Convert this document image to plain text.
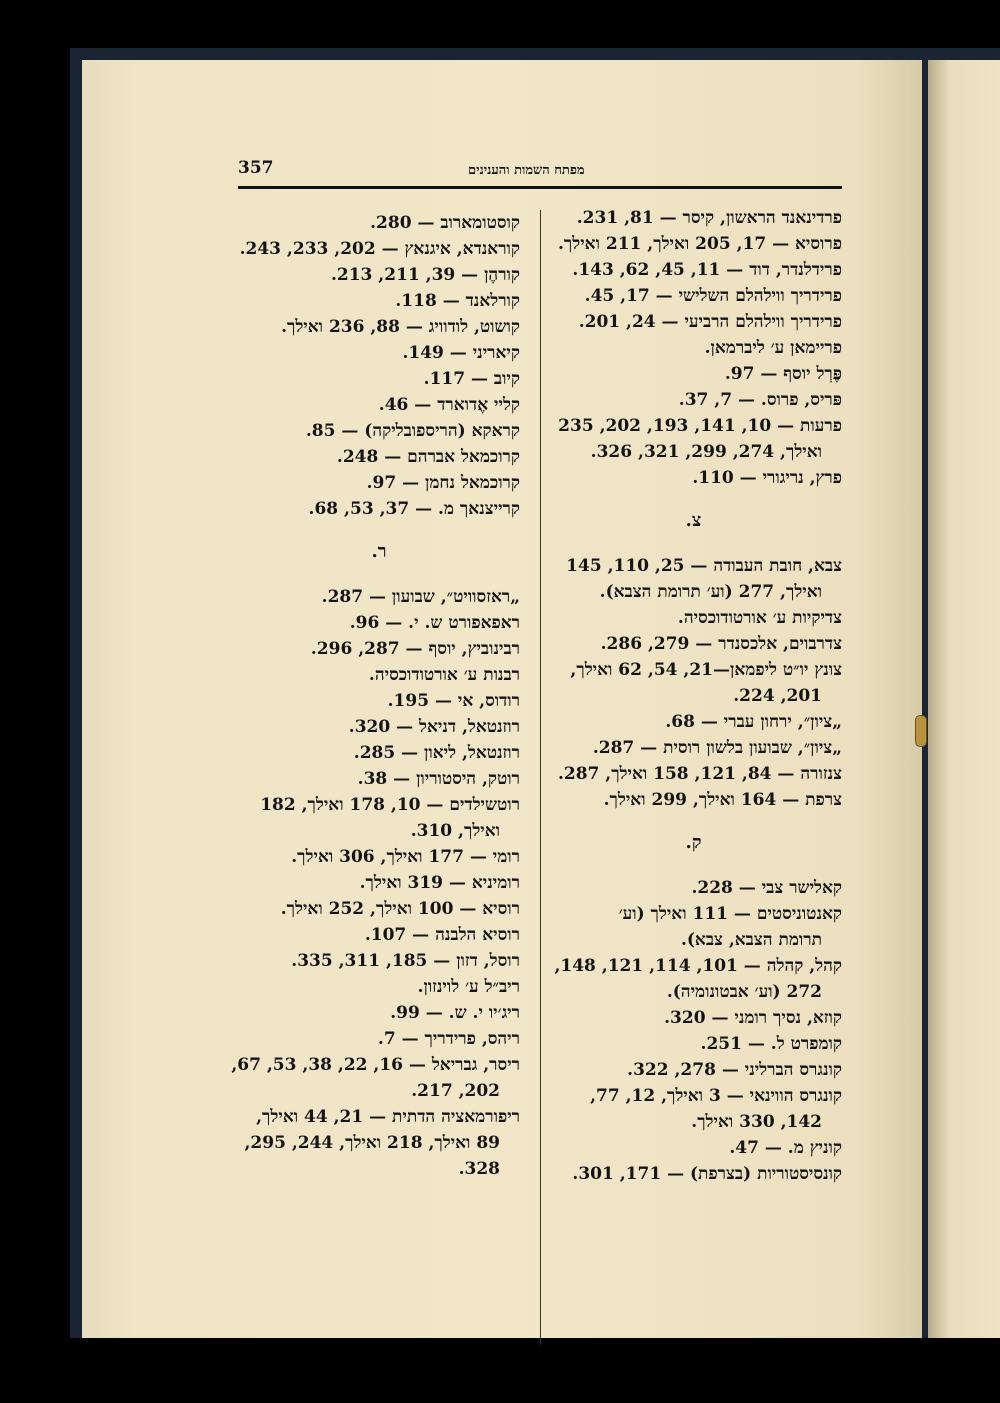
357	מפתח השמות והענינים
פרדינאנד הראשון, קיסר — 81, 231.
פרוסיא — 17, 205 ואילך, 211 ואילך.
פרידלנדר, דוד — 11, 45, 62, 143.
פרידריך ווילהלם השלישי — 17, 45.
פרידריך ווילהלם הרביעי — 24, 201.
פריימאן ע׳ ליברמאן.
פֶּרְל יוסף — 97.
פּריס, פרוס. — 7, 37.
פרעות — 10, 141, 193, 202, 235
ואילך, 274, 299, 321, 326.
פרץ, נריגורי — 110.
צ.
צבא, חובת העבודה — 25, 110, 145
ואילך, 277 (וע׳ תרומת הצבא).
צדיקיות ע׳ אורטודוכסיה.
צדרבוים, אלכסנדר — 279, 286.
צונץ יו״ט ליפמאן—21, 54, 62 ואילך,
201, 224.
„ציון״, ירחון עברי — 68.
„ציון״, שבועון בלשון רוסית — 287.
צנזורה — 84, 121, 158 ואילך, 287.
צרפת — 164 ואילך, 299 ואילך.
ק.
קאלישר צבי — 228.
קאנטוניסטים — 111 ואילך (וע׳
תרומת הצבא, צבא).
קהל, קהלה — 101, 114, 121, 148,
272 (וע׳ אבטונומיה).
קוזא, נסיך רומני — 320.
קומפרט ל. — 251.
קונגרס הברליני — 278, 322.
קונגרס הווינאי — 3 ואילך, 12, 77,
142, 330 ואילך.
קוניץ מ. — 47.
קונסיסטוריות (בצרפת) — 171, 301.
קוסטומארוב — 280.
קוראנדא, איגנאץ — 202, 233, 243.
קורהֶן — 39, 211, 213.
קורלאנד — 118.
קושוט, לודוויג — 88, 236 ואילך.
קיאריני — 149.
קיוב — 117.
קליי אֶדוארד — 46.
קראקא (הריספובליקה) — 85.
קרוכמאל אברהם — 248.
קרוכמאל נחמן — 97.
קרייצנאך מ. — 37, 53, 68.
ר.
„ראזסוויט״, שבועון — 287.
ראפאפורט ש. י. — 96.
רבינוביץ, יוסף — 287, 296.
רבנות ע׳ אורטודוכסיה.
רודוס, אי — 195.
רוזנטאל, דניאל — 320.
רוזנטאל, ליאון — 285.
רוטק, היסטוריון — 38.
רוטשילדים — 10, 178 ואילך, 182
ואילך, 310.
רומי — 177 ואילך, 306 ואילך.
רומיניא — 319 ואילך.
רוסיא — 100 ואילך, 252 ואילך.
רוסיא הלבנה — 107.
רוסל, דזון — 185, 311, 335.
ריב״ל ע׳ לוינזון.
ריג׳יו י. ש. — 99.
ריהס, פרידריך — 7.
ריסר, גבריאל — 16, 22, 38, 53, 67,
202, 217.
ריפורמאציה הדתית — 21, 44 ואילך,
89 ואילך, 218 ואילך, 244, 295,
328.
